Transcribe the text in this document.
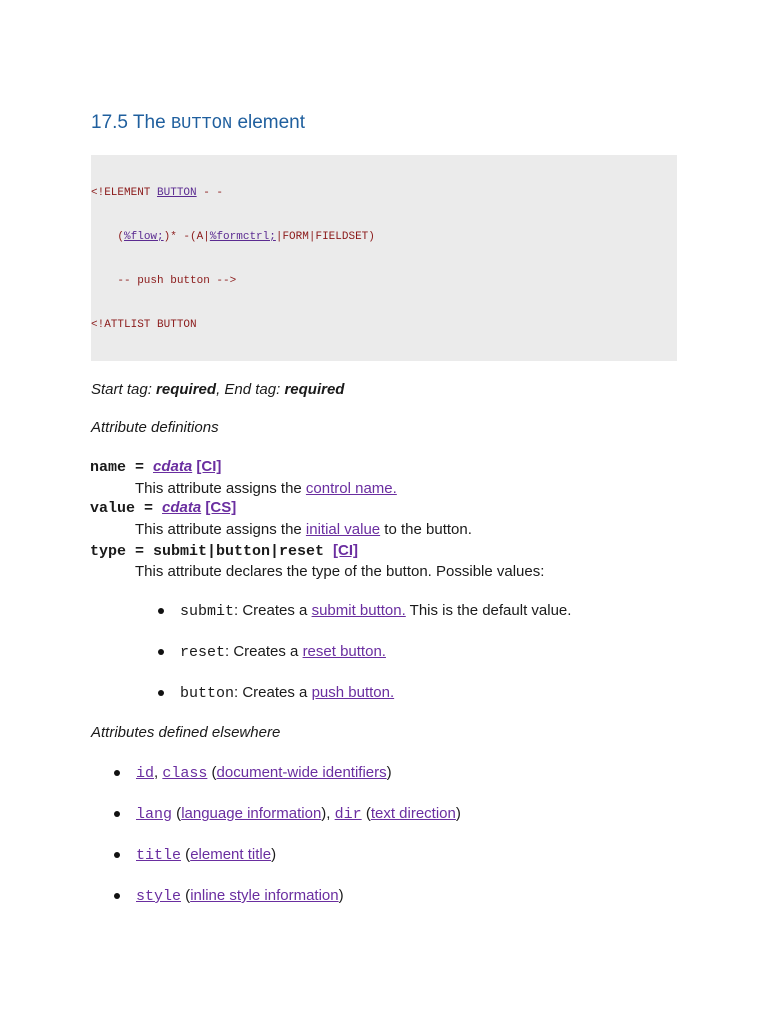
17.5 The BUTTON element

<!ELEMENT BUTTON - -

(%flow;)* -(A|%formctrl;|FORM|FIELDSET)

-- push button -->

<!ATTLIST BUTTON

Start tag: required, End tag: required

Attribute definitions

name = cdata [CI]

This attribute assigns the control name.

value = cdata [CS]

This attribute assigns the initial value to the button.

type = submit|button|reset [CI]

This attribute declares the type of the button. Possible values:

submit: Creates a submit button. This is the default value.

reset: Creates a reset button.

button: Creates a push button.

Attributes defined elsewhere

id, class (document-wide identifiers)

lang (language information), dir (text direction)

title (element title)

style (inline style information)
